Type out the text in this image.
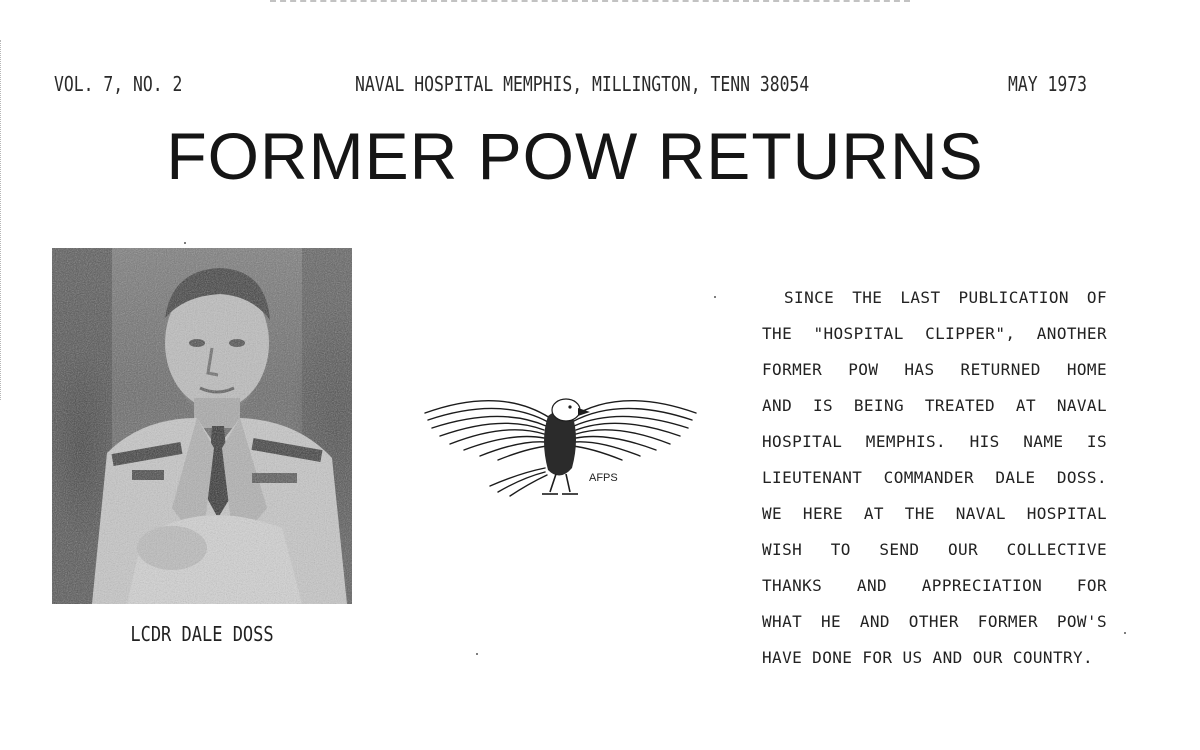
VOL. 7, NO. 2	NAVAL HOSPITAL MEMPHIS, MILLINGTON, TENN 38054	MAY 1973
FORMER POW RETURNS
LCDR DALE DOSS
AFPS
SINCE THE LAST PUBLICATION OF
THE "HOSPITAL CLIPPER", ANOTHER
FORMER POW HAS RETURNED HOME
AND IS BEING TREATED AT NAVAL
HOSPITAL MEMPHIS. HIS NAME IS
LIEUTENANT COMMANDER DALE DOSS.
WE HERE AT THE NAVAL HOSPITAL
WISH TO SEND OUR COLLECTIVE
THANKS AND APPRECIATION FOR
WHAT HE AND OTHER FORMER POW'S
HAVE DONE FOR US AND OUR COUNTRY.
